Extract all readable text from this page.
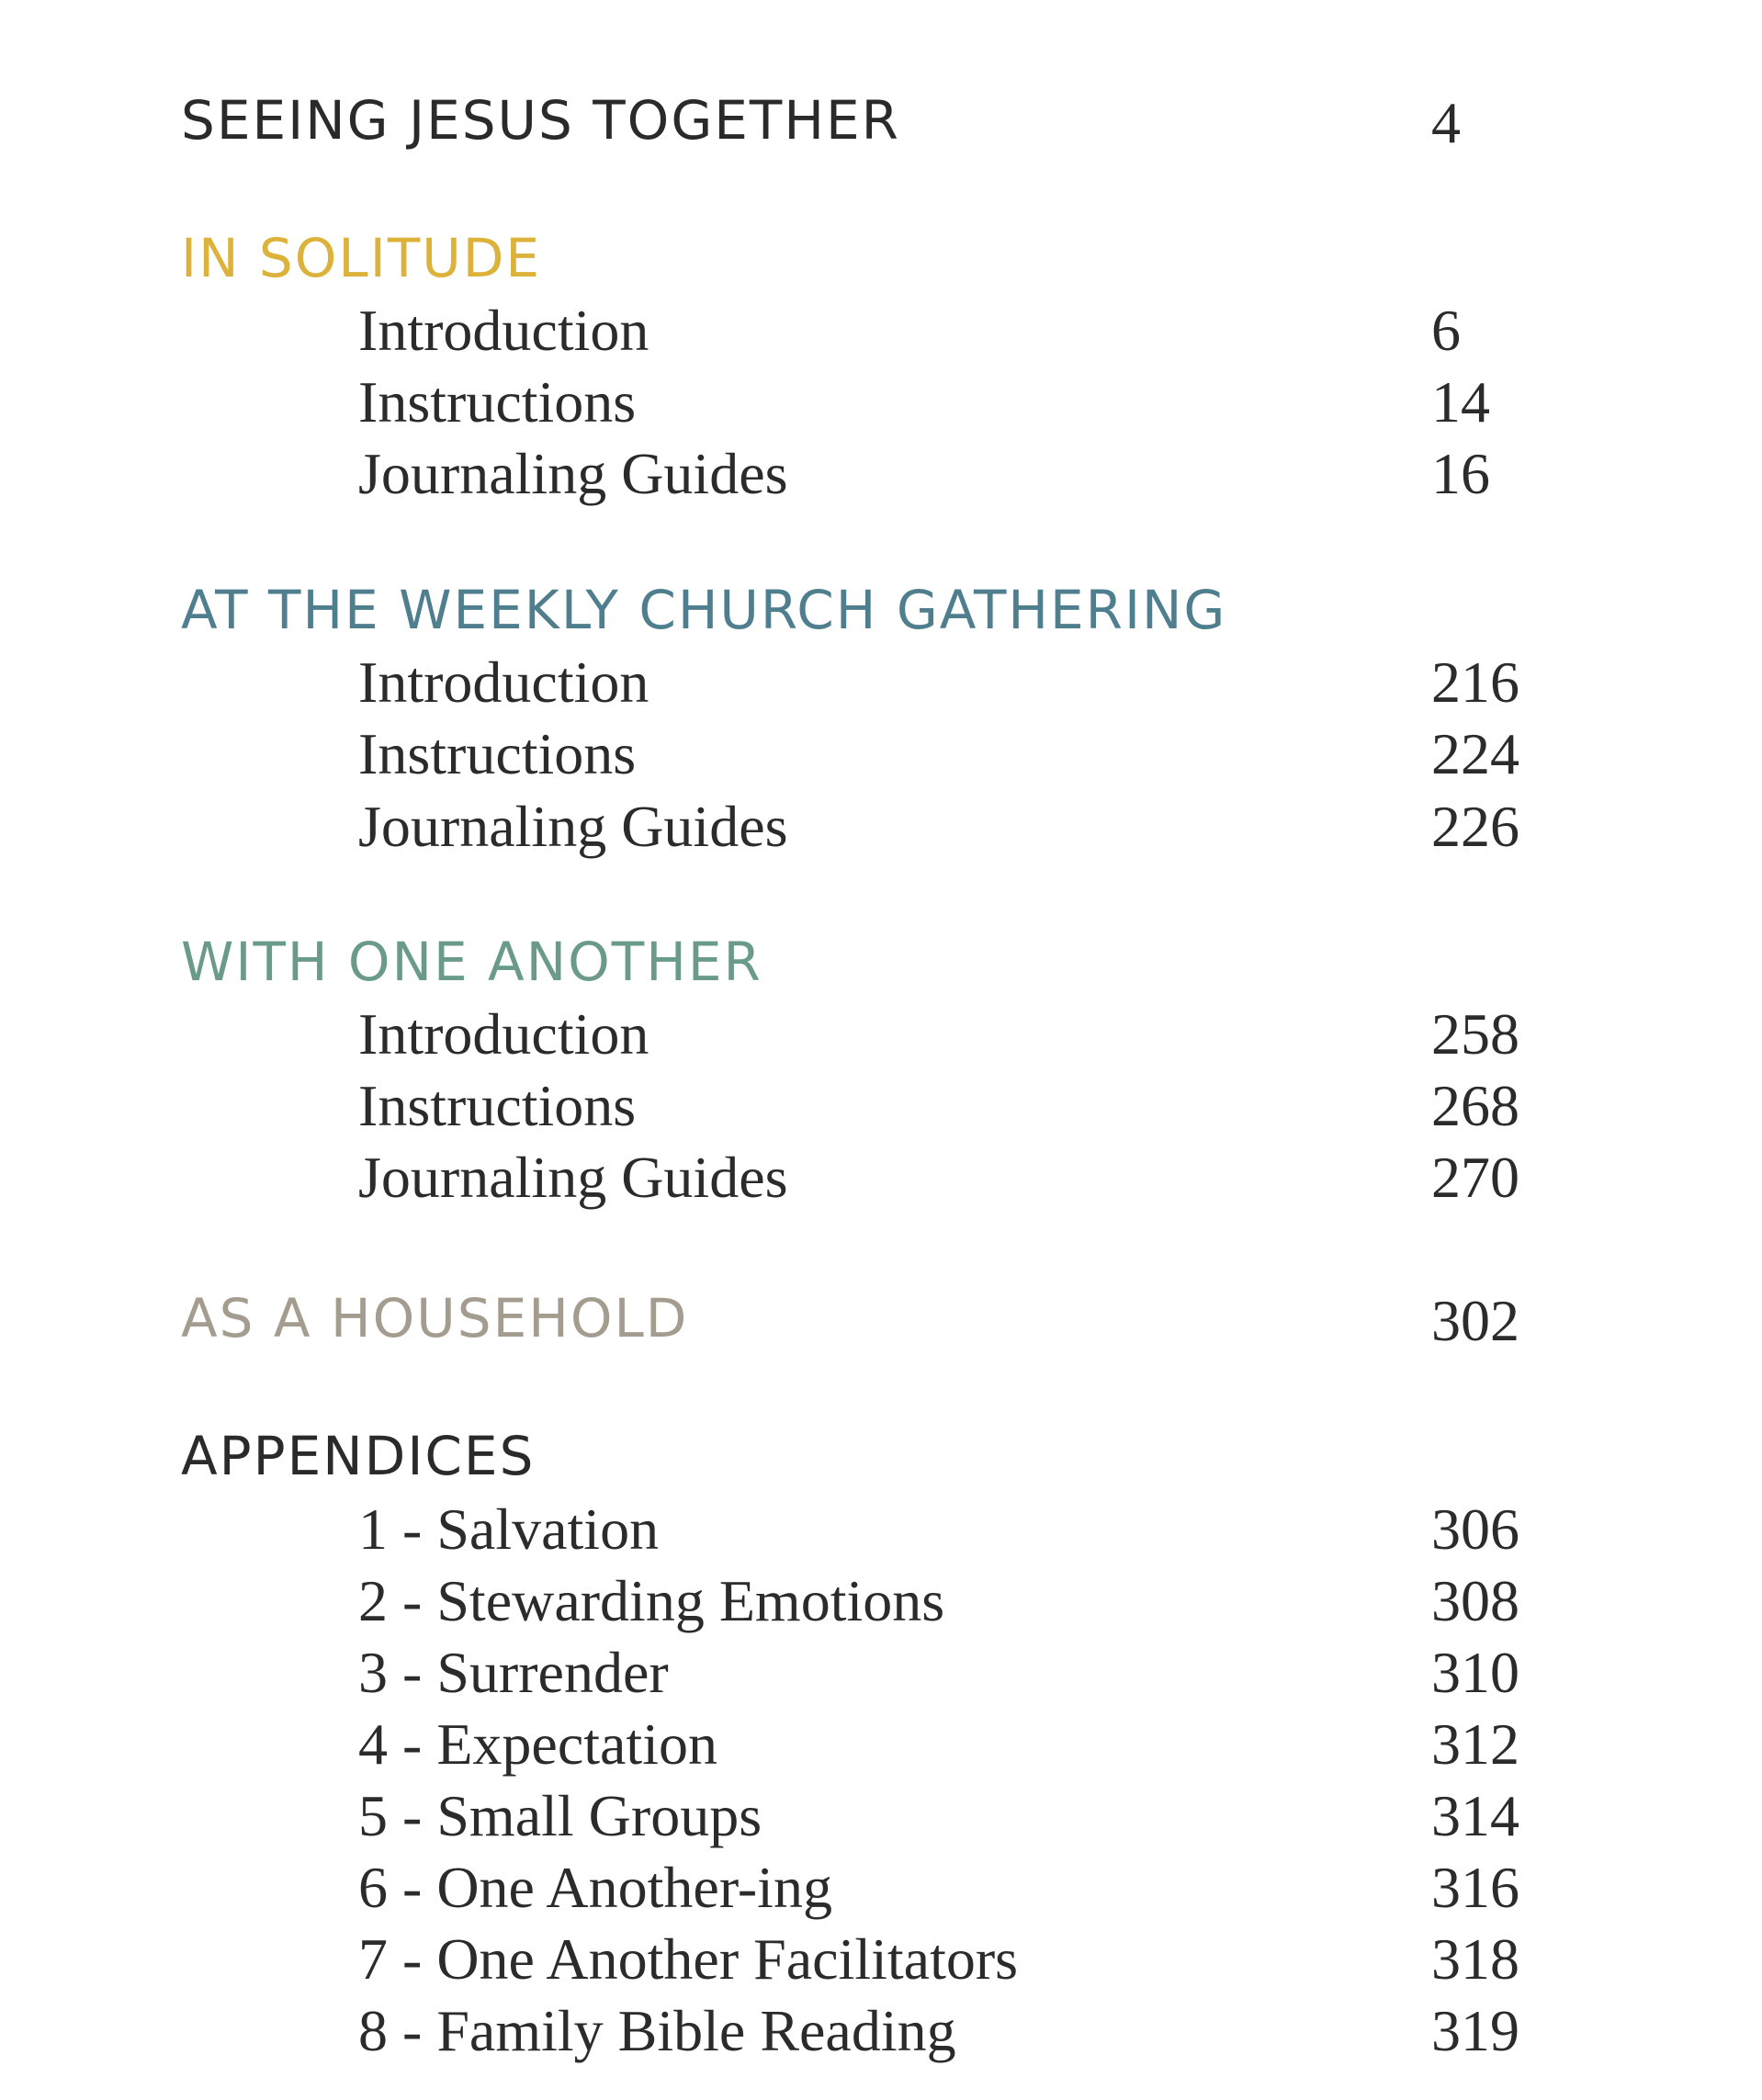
SEEING JESUS TOGETHER	4
IN SOLITUDE
Introduction	6
Instructions	14
Journaling Guides	16
AT THE WEEKLY CHURCH GATHERING
Introduction	216
Instructions	224
Journaling Guides	226
WITH ONE ANOTHER
Introduction	258
Instructions	268
Journaling Guides	270
AS A HOUSEHOLD	302
APPENDICES
1 - Salvation	306
2 - Stewarding Emotions	308
3 - Surrender	310
4 - Expectation	312
5 - Small Groups	314
6 - One Another-ing	316
7 - One Another Facilitators	318
8 - Family Bible Reading	319
